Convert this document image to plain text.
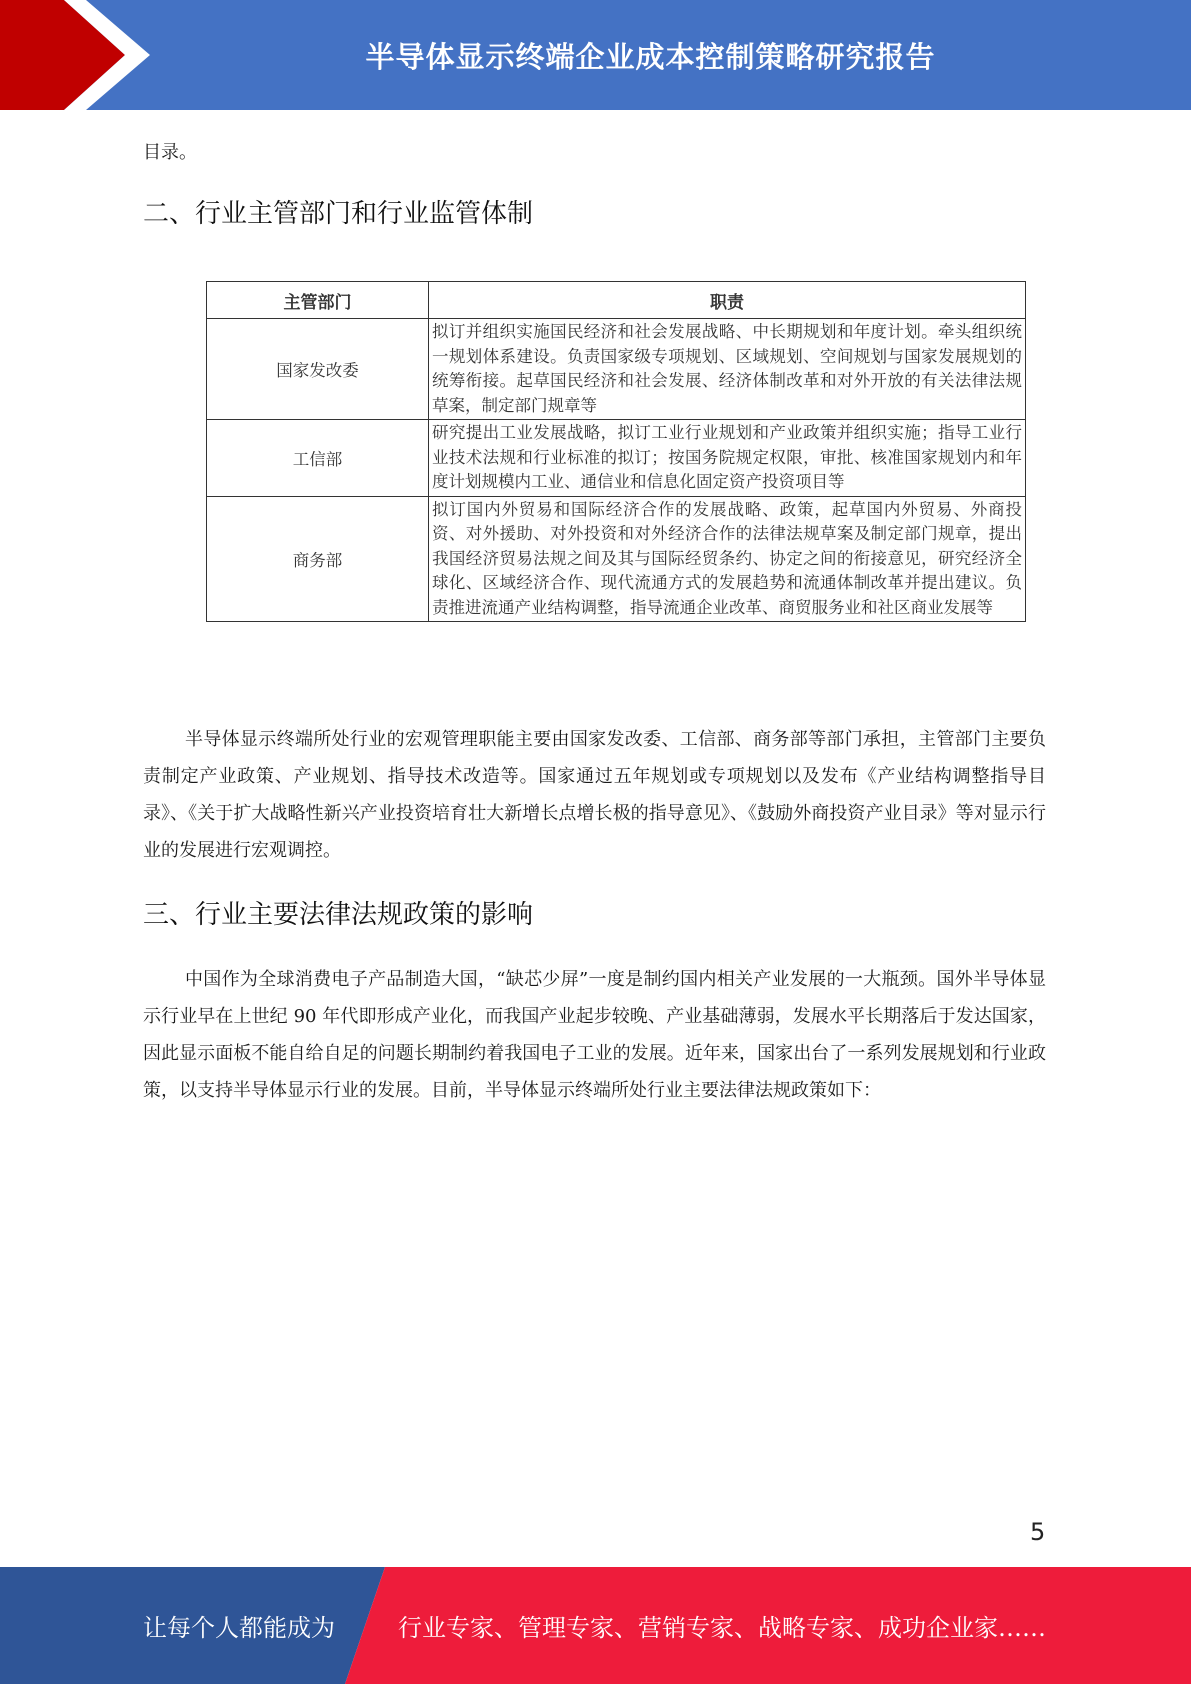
半导体显示终端企业成本控制策略研究报告

目录。

二、行业主管部门和行业监管体制
主管部门	职责
国家发改委	拟订并组织实施国民经济和社会发展战略、中长期规划和年度计划。牵头组织统一规划体系建设。负责国家级专项规划、区域规划、空间规划与国家发展规划的统筹衔接。起草国民经济和社会发展、经济体制改革和对外开放的有关法律法规草案，制定部门规章等
工信部	研究提出工业发展战略，拟订工业行业规划和产业政策并组织实施；指导工业行业技术法规和行业标准的拟订；按国务院规定权限，审批、核准国家规划内和年度计划规模内工业、通信业和信息化固定资产投资项目等
商务部	拟订国内外贸易和国际经济合作的发展战略、政策，起草国内外贸易、外商投资、对外援助、对外投资和对外经济合作的法律法规草案及制定部门规章，提出我国经济贸易法规之间及其与国际经贸条约、协定之间的衔接意见，研究经济全球化、区域经济合作、现代流通方式的发展趋势和流通体制改革并提出建议。负责推进流通产业结构调整，指导流通企业改革、商贸服务业和社区商业发展等

半导体显示终端所处行业的宏观管理职能主要由国家发改委、工信部、商务部等部门承担，主管部门主要负责制定产业政策、产业规划、指导技术改造等。国家通过五年规划或专项规划以及发布《产业结构调整指导目录》、《关于扩大战略性新兴产业投资培育壮大新增长点增长极的指导意见》、《鼓励外商投资产业目录》等对显示行业的发展进行宏观调控。

三、行业主要法律法规政策的影响

中国作为全球消费电子产品制造大国，“缺芯少屏”一度是制约国内相关产业发展的一大瓶颈。国外半导体显示行业早在上世纪 90 年代即形成产业化，而我国产业起步较晚、产业基础薄弱，发展水平长期落后于发达国家，因此显示面板不能自给自足的问题长期制约着我国电子工业的发展。近年来，国家出台了一系列发展规划和行业政策，以支持半导体显示行业的发展。目前，半导体显示终端所处行业主要法律法规政策如下：

5
让每个人都能成为	行业专家、管理专家、营销专家、战略专家、成功企业家……
